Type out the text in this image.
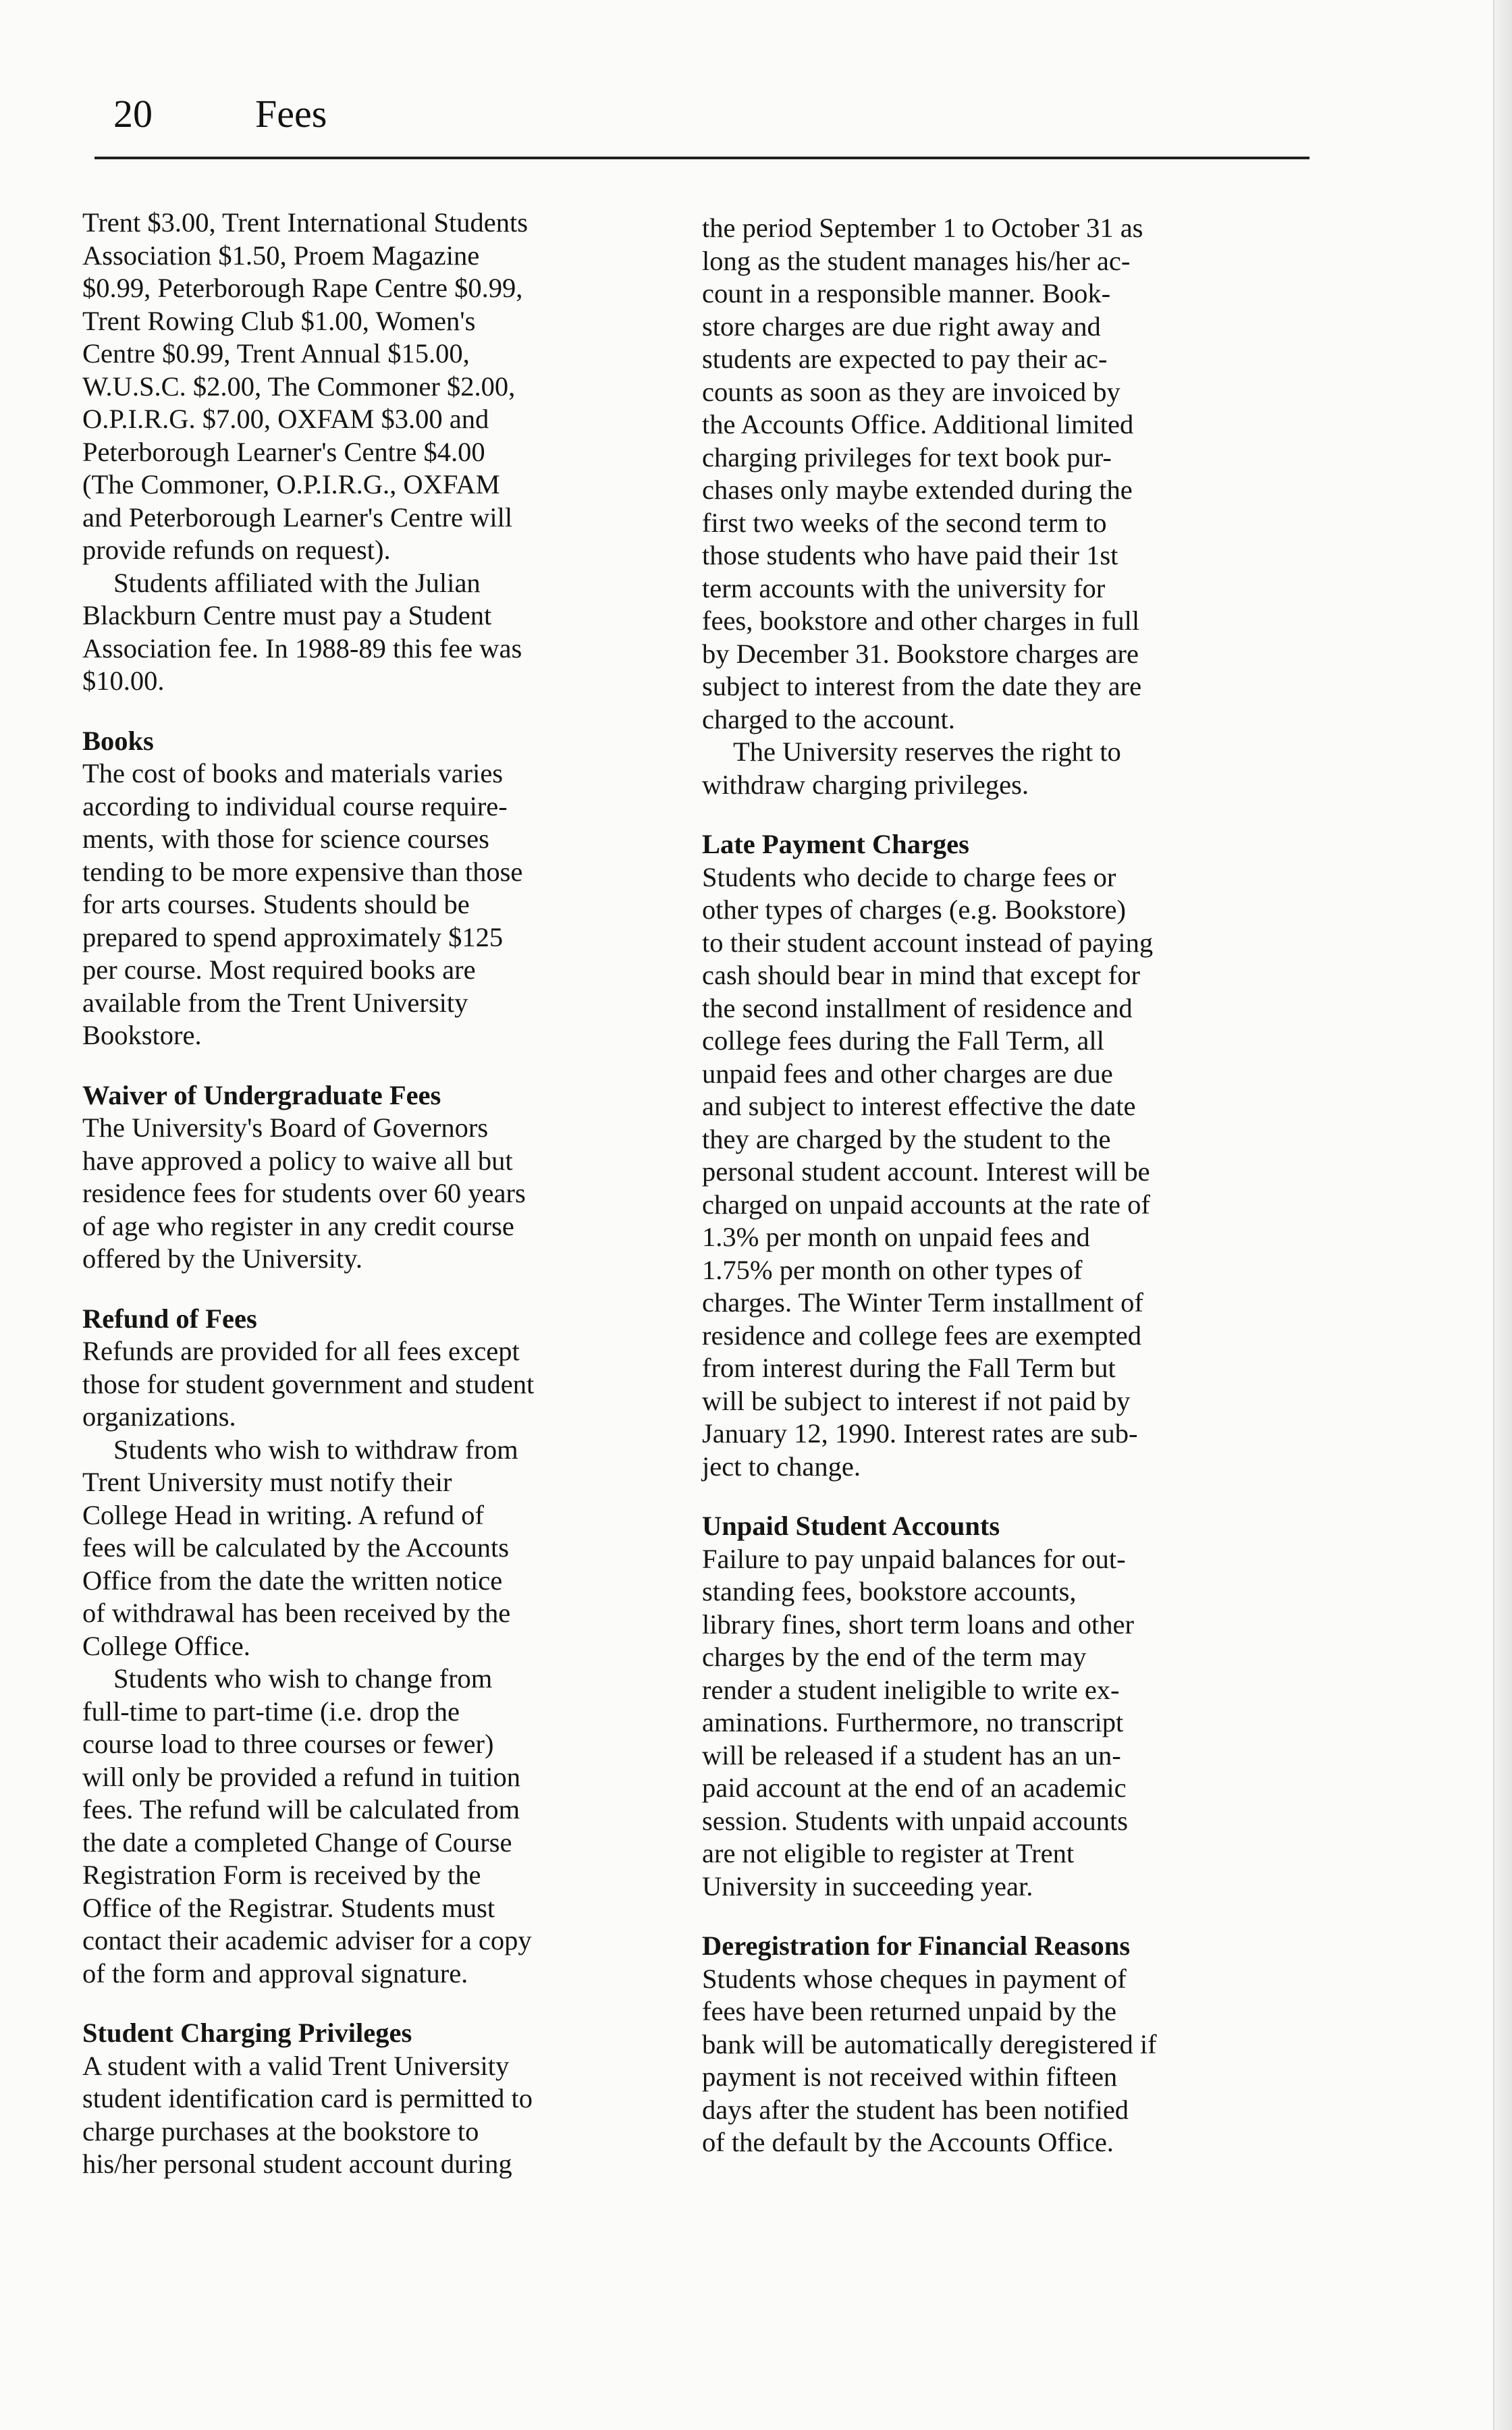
20	Fees
Trent $3.00, Trent International Students
Association $1.50, Proem Magazine
$0.99, Peterborough Rape Centre $0.99,
Trent Rowing Club $1.00, Women's
Centre $0.99, Trent Annual $15.00,
W.U.S.C. $2.00, The Commoner $2.00,
O.P.I.R.G. $7.00, OXFAM $3.00 and
Peterborough Learner's Centre $4.00
(The Commoner, O.P.I.R.G., OXFAM
and Peterborough Learner's Centre will
provide refunds on request).
Students affiliated with the Julian
Blackburn Centre must pay a Student
Association fee. In 1988-89 this fee was
$10.00.
Books
The cost of books and materials varies
according to individual course require-
ments, with those for science courses
tending to be more expensive than those
for arts courses. Students should be
prepared to spend approximately $125
per course. Most required books are
available from the Trent University
Bookstore.
Waiver of Undergraduate Fees
The University's Board of Governors
have approved a policy to waive all but
residence fees for students over 60 years
of age who register in any credit course
offered by the University.
Refund of Fees
Refunds are provided for all fees except
those for student government and student
organizations.
Students who wish to withdraw from
Trent University must notify their
College Head in writing. A refund of
fees will be calculated by the Accounts
Office from the date the written notice
of withdrawal has been received by the
College Office.
Students who wish to change from
full-time to part-time (i.e. drop the
course load to three courses or fewer)
will only be provided a refund in tuition
fees. The refund will be calculated from
the date a completed Change of Course
Registration Form is received by the
Office of the Registrar. Students must
contact their academic adviser for a copy
of the form and approval signature.
Student Charging Privileges
A student with a valid Trent University
student identification card is permitted to
charge purchases at the bookstore to
his/her personal student account during
the period September 1 to October 31 as
long as the student manages his/her ac-
count in a responsible manner. Book-
store charges are due right away and
students are expected to pay their ac-
counts as soon as they are invoiced by
the Accounts Office. Additional limited
charging privileges for text book pur-
chases only maybe extended during the
first two weeks of the second term to
those students who have paid their 1st
term accounts with the university for
fees, bookstore and other charges in full
by December 31. Bookstore charges are
subject to interest from the date they are
charged to the account.
The University reserves the right to
withdraw charging privileges.
Late Payment Charges
Students who decide to charge fees or
other types of charges (e.g. Bookstore)
to their student account instead of paying
cash should bear in mind that except for
the second installment of residence and
college fees during the Fall Term, all
unpaid fees and other charges are due
and subject to interest effective the date
they are charged by the student to the
personal student account. Interest will be
charged on unpaid accounts at the rate of
1.3% per month on unpaid fees and
1.75% per month on other types of
charges. The Winter Term installment of
residence and college fees are exempted
from interest during the Fall Term but
will be subject to interest if not paid by
January 12, 1990. Interest rates are sub-
ject to change.
Unpaid Student Accounts
Failure to pay unpaid balances for out-
standing fees, bookstore accounts,
library fines, short term loans and other
charges by the end of the term may
render a student ineligible to write ex-
aminations. Furthermore, no transcript
will be released if a student has an un-
paid account at the end of an academic
session. Students with unpaid accounts
are not eligible to register at Trent
University in succeeding year.
Deregistration for Financial Reasons
Students whose cheques in payment of
fees have been returned unpaid by the
bank will be automatically deregistered if
payment is not received within fifteen
days after the student has been notified
of the default by the Accounts Office.
